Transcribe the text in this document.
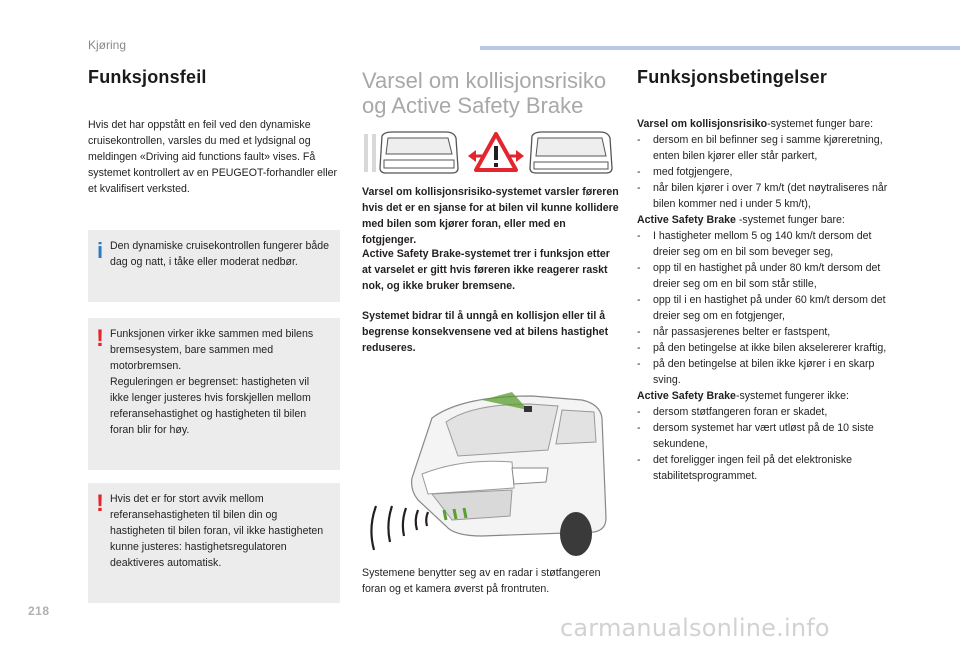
Kjøring
Funksjonsfeil

Hvis det har oppstått en feil ved den dynamiske cruisekontrollen, varsles du med et lydsignal og meldingen «Driving aid functions fault» vises. Få systemet kontrollert av en PEUGEOT-forhandler eller et kvalifisert verksted.

i Den dynamiske cruisekontrollen fungerer både dag og natt, i tåke eller moderat nedbør.
! Funksjonen virker ikke sammen med bilens bremsesystem, bare sammen med motorbremsen.
Reguleringen er begrenset: hastigheten vil ikke lenger justeres hvis forskjellen mellom referansehastighet og hastigheten til bilen foran blir for høy.
! Hvis det er for stort avvik mellom referansehastigheten til bilen din og hastigheten til bilen foran, vil ikke hastigheten kunne justeres: hastighetsregulatoren deaktiveres automatisk.
Varsel om kollisjonsrisiko
og Active Safety Brake

Varsel om kollisjonsrisiko-systemet varsler føreren hvis det er en sjanse for at bilen vil kunne kollidere med bilen som kjører foran, eller med en fotgjenger.

Active Safety Brake-systemet trer i funksjon etter at varselet er gitt hvis føreren ikke reagerer raskt nok, og ikke bruker bremsene.

Systemet bidrar til å unngå en kollisjon eller til å begrense konsekvensene ved at bilens hastighet reduseres.

Systemene benytter seg av en radar i støtfangeren foran og et kamera øverst på frontruten.

Funksjonsbetingelser
Varsel om kollisjonsrisiko-systemet funger bare:
- dersom en bil befinner seg i samme kjøreretning, enten bilen kjører eller står parkert,
- med fotgjengere,
- når bilen kjører i over 7 km/t (det nøytraliseres når bilen kommer ned i under 5 km/t),
Active Safety Brake -systemet funger bare:
- I hastigheter mellom 5 og 140 km/t dersom det dreier seg om en bil som beveger seg,
- opp til en hastighet på under 80 km/t dersom det dreier seg om en bil som står stille,
- opp til i en hastighet på under 60 km/t dersom det dreier seg om en fotgjenger,
- når passasjerenes belter er fastspent,
- på den betingelse at ikke bilen akselererer kraftig,
- på den betingelse at bilen ikke kjører i en skarp sving.
Active Safety Brake-systemet fungerer ikke:
- dersom støtfangeren foran er skadet,
- dersom systemet har vært utløst på de 10 siste sekundene,
- det foreligger ingen feil på det elektroniske stabilitetsprogrammet.
218
carmanualsonline.info
